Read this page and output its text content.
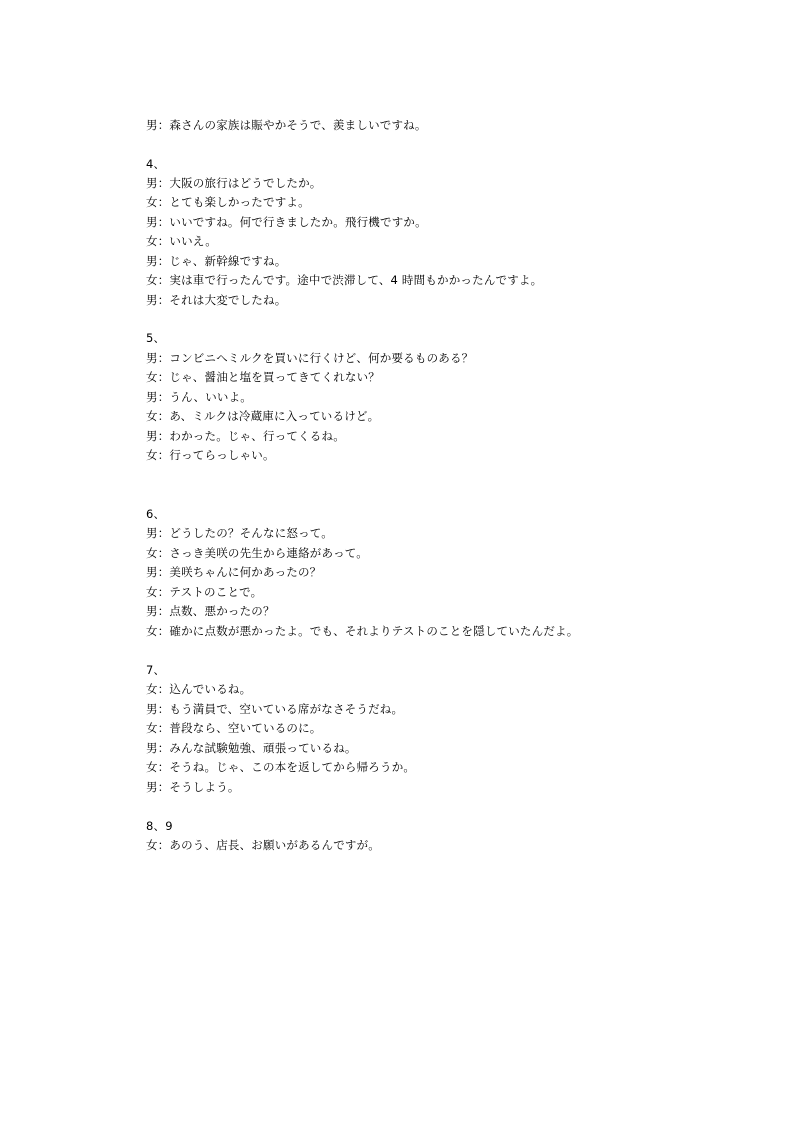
男：森さんの家族は賑やかそうで、羨ましいですね。
4、
男：大阪の旅行はどうでしたか。
女：とても楽しかったですよ。
男：いいですね。何で行きましたか。飛行機ですか。
女：いいえ。
男：じゃ、新幹線ですね。
女：実は車で行ったんです。途中で渋滞して、4 時間もかかったんですよ。
男：それは大変でしたね。
5、
男：コンビニへミルクを買いに行くけど、何か要るものある？
女：じゃ、醤油と塩を買ってきてくれない？
男：うん、いいよ。
女：あ、ミルクは冷蔵庫に入っているけど。
男：わかった。じゃ、行ってくるね。
女：行ってらっしゃい。
6、
男：どうしたの？そんなに怒って。
女：さっき美咲の先生から連絡があって。
男：美咲ちゃんに何かあったの？
女：テストのことで。
男：点数、悪かったの？
女：確かに点数が悪かったよ。でも、それよりテストのことを隠していたんだよ。
7、
女：込んでいるね。
男：もう満員で、空いている席がなさそうだね。
女：普段なら、空いているのに。
男：みんな試験勉強、頑張っているね。
女：そうね。じゃ、この本を返してから帰ろうか。
男：そうしよう。
8、9
女：あのう、店長、お願いがあるんですが。
